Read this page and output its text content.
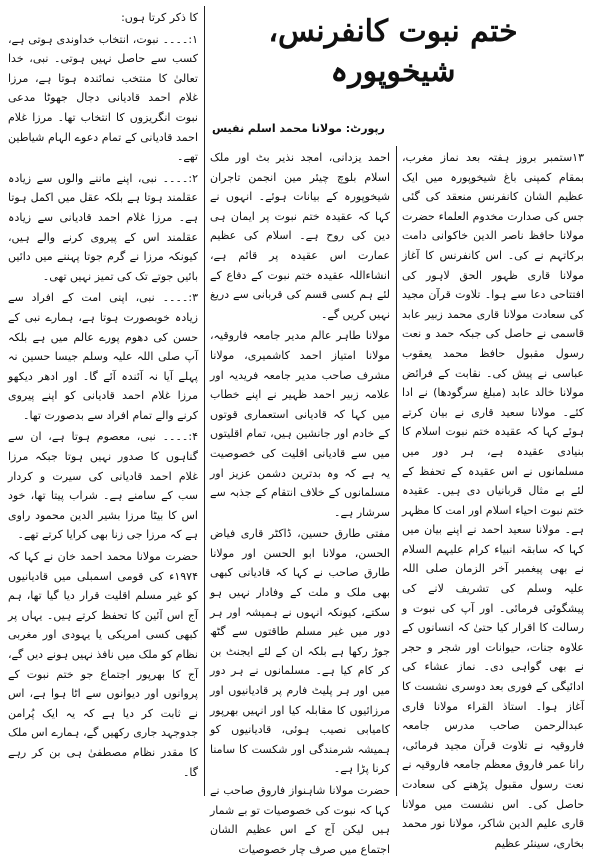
ختم نبوت کانفرنس،
شیخوپورہ
رپورٹ: مولانا محمد اسلم نفیس

۱۳ستمبر بروز ہفتہ بعد نماز مغرب، بمقام کمپنی باغ شیخوپورہ میں ایک عظیم الشان کانفرنس منعقد کی گئی جس کی صدارت مخدوم العلماء حضرت مولانا حافظ ناصر الدین خاکوانی دامت برکاتہم نے کی۔ اس کانفرنس کا آغاز مولانا قاری ظہور الحق لاہور کی افتتاحی دعا سے ہوا۔ تلاوت قرآن مجید کی سعادت مولانا قاری محمد زبیر عابد قاسمی نے حاصل کی جبکہ حمد و نعت رسول مقبول حافظ محمد یعقوب عباسی نے پیش کی۔ نقابت کے فرائض مولانا خالد عابد (مبلغ سرگودھا) نے ادا کئے۔ مولانا سعید قاری نے بیان کرتے ہوئے کہا کہ عقیدہ ختم نبوت اسلام کا بنیادی عقیدہ ہے، ہر دور میں مسلمانوں نے اس عقیدہ کے تحفظ کے لئے بے مثال قربانیاں دی ہیں۔ عقیدہ ختم نبوت احیاء اسلام اور امت کا مظہر ہے۔ مولانا سعید احمد نے اپنے بیان میں کہا کہ سابقہ انبیاء کرام علیہم السلام نے بھی پیغمبر آخر الزمان صلی اللہ علیہ وسلم کی تشریف لانے کی پیشگوئی فرمائی۔ اور آپ کی نبوت و رسالت کا اقرار کیا حتیٰ کہ انسانوں کے علاوہ جنات، حیوانات اور شجر و حجر نے بھی گواہی دی۔ نماز عشاء کی ادائیگی کے فوری بعد دوسری نشست کا آغاز ہوا۔ استاذ القراء مولانا قاری عبدالرحمن صاحب مدرس جامعہ فاروقیہ نے تلاوت قرآن مجید فرمائی، رانا عمر فاروق معظم جامعہ فاروقیہ نے نعت رسول مقبول پڑھنے کی سعادت حاصل کی۔ اس نشست میں مولانا قاری علیم الدین شاکر، مولانا نور محمد بخاری، سینئر عظیم

احمد یزدانی، امجد نذیر بٹ اور ملک اسلام بلوچ چیئر مین انجمن تاجران شیخوپورہ کے بیانات ہوئے۔ انہوں نے کہا کہ عقیدہ ختم نبوت پر ایمان ہی دین کی روح ہے۔ اسلام کی عظیم عمارت اس عقیدہ پر قائم ہے، انشاءاللہ عقیدہ ختم نبوت کے دفاع کے لئے ہم کسی قسم کی قربانی سے دریغ نہیں کریں گے۔

مولانا طاہر عالم مدیر جامعہ فاروقیہ، مولانا امتیاز احمد کاشمیری، مولانا مشرف صاحب مدیر جامعہ فریدیہ اور علامہ زبیر احمد ظہیر نے اپنے خطاب میں کہا کہ قادیانی استعماری قوتوں کے خادم اور جانشین ہیں، تمام اقلیتوں میں سے قادیانی اقلیت کی خصوصیت یہ ہے کہ وہ بدترین دشمن عزیز اور مسلمانوں کے خلاف انتقام کے جذبہ سے سرشار ہے۔

مفتی طارق حسین، ڈاکٹر قاری فیاض الحسن، مولانا ابو الحسن اور مولانا طارق صاحب نے کہا کہ قادیانی کبھی بھی ملک و ملت کے وفادار نہیں ہو سکتے، کیونکہ انہوں نے ہمیشہ اور ہر دور میں غیر مسلم طاقتوں سے گٹھ جوڑ رکھا ہے بلکہ ان کے لئے ایجنٹ بن کر کام کیا ہے۔ مسلمانوں نے ہر دور میں اور ہر پلیٹ فارم پر قادیانیوں اور مرزائیوں کا مقابلہ کیا اور انہیں بھرپور کامیابی نصیب ہوئی، قادیانیوں کو ہمیشہ شرمندگی اور شکست کا سامنا کرنا پڑا ہے۔

حضرت مولانا شاہنواز فاروق صاحب نے کہا کہ نبوت کی خصوصیات تو بے شمار ہیں لیکن آج کے اس عظیم الشان اجتماع میں صرف چار خصوصیات

کا ذکر کرتا ہوں:

۱:۔۔۔۔ نبوت، انتخاب خداوندی ہوتی ہے، کسب سے حاصل نہیں ہوتی۔ نبی، خدا تعالیٰ کا منتخب نمائندہ ہوتا ہے، مرزا غلام احمد قادیانی دجال جھوٹا مدعی نبوت انگریزوں کا انتخاب تھا۔ مرزا غلام احمد قادیانی کے تمام دعوے الہام شیاطین تھے۔

۲:۔۔۔۔ نبی، اپنے ماننے والوں سے زیادہ عقلمند ہوتا ہے بلکہ عقل میں اکمل ہوتا ہے۔ مرزا غلام احمد قادیانی سے زیادہ عقلمند اس کے پیروی کرنے والے ہیں، کیونکہ مرزا نے گرم جوتا پہننے میں دائیں بائیں جوتے تک کی تمیز نہیں تھی۔

۳:۔۔۔۔ نبی، اپنی امت کے افراد سے زیادہ خوبصورت ہوتا ہے، ہمارے نبی کے حسن کی دھوم پورے عالم میں ہے بلکہ آپ صلی اللہ علیہ وسلم جیسا حسین نہ پہلے آیا نہ آئندہ آئے گا۔ اور ادھر دیکھو مرزا غلام احمد قادیانی کو اپنے پیروی کرنے والے تمام افراد سے بدصورت تھا۔

۴:۔۔۔۔ نبی، معصوم ہوتا ہے، ان سے گناہوں کا صدور نہیں ہوتا جبکہ مرزا غلام احمد قادیانی کی سیرت و کردار سب کے سامنے ہے۔ شراب پیتا تھا، خود اس کا بیٹا مرزا بشیر الدین محمود راوی ہے کہ مرزا جی زنا بھی کرایا کرتے تھے۔

حضرت مولانا محمد احمد خان نے کہا کہ ۱۹۷۴ء کی قومی اسمبلی میں قادیانیوں کو غیر مسلم اقلیت قرار دیا گیا تھا، ہم آج اس آئین کا تحفظ کرتے ہیں۔ یہاں پر کبھی کسی امریکی یا یہودی اور مغربی نظام کو ملک میں نافذ نہیں ہونے دیں گے، آج کا بھرپور اجتماع جو ختم نبوت کے پروانوں اور دیوانوں سے اٹا ہوا ہے، اس نے ثابت کر دیا ہے کہ یہ ایک پُرامن جدوجہد جاری رکھیں گے، ہمارے اس ملک کا مقدر نظام مصطفیٰ ہی بن کر رہے گا۔
